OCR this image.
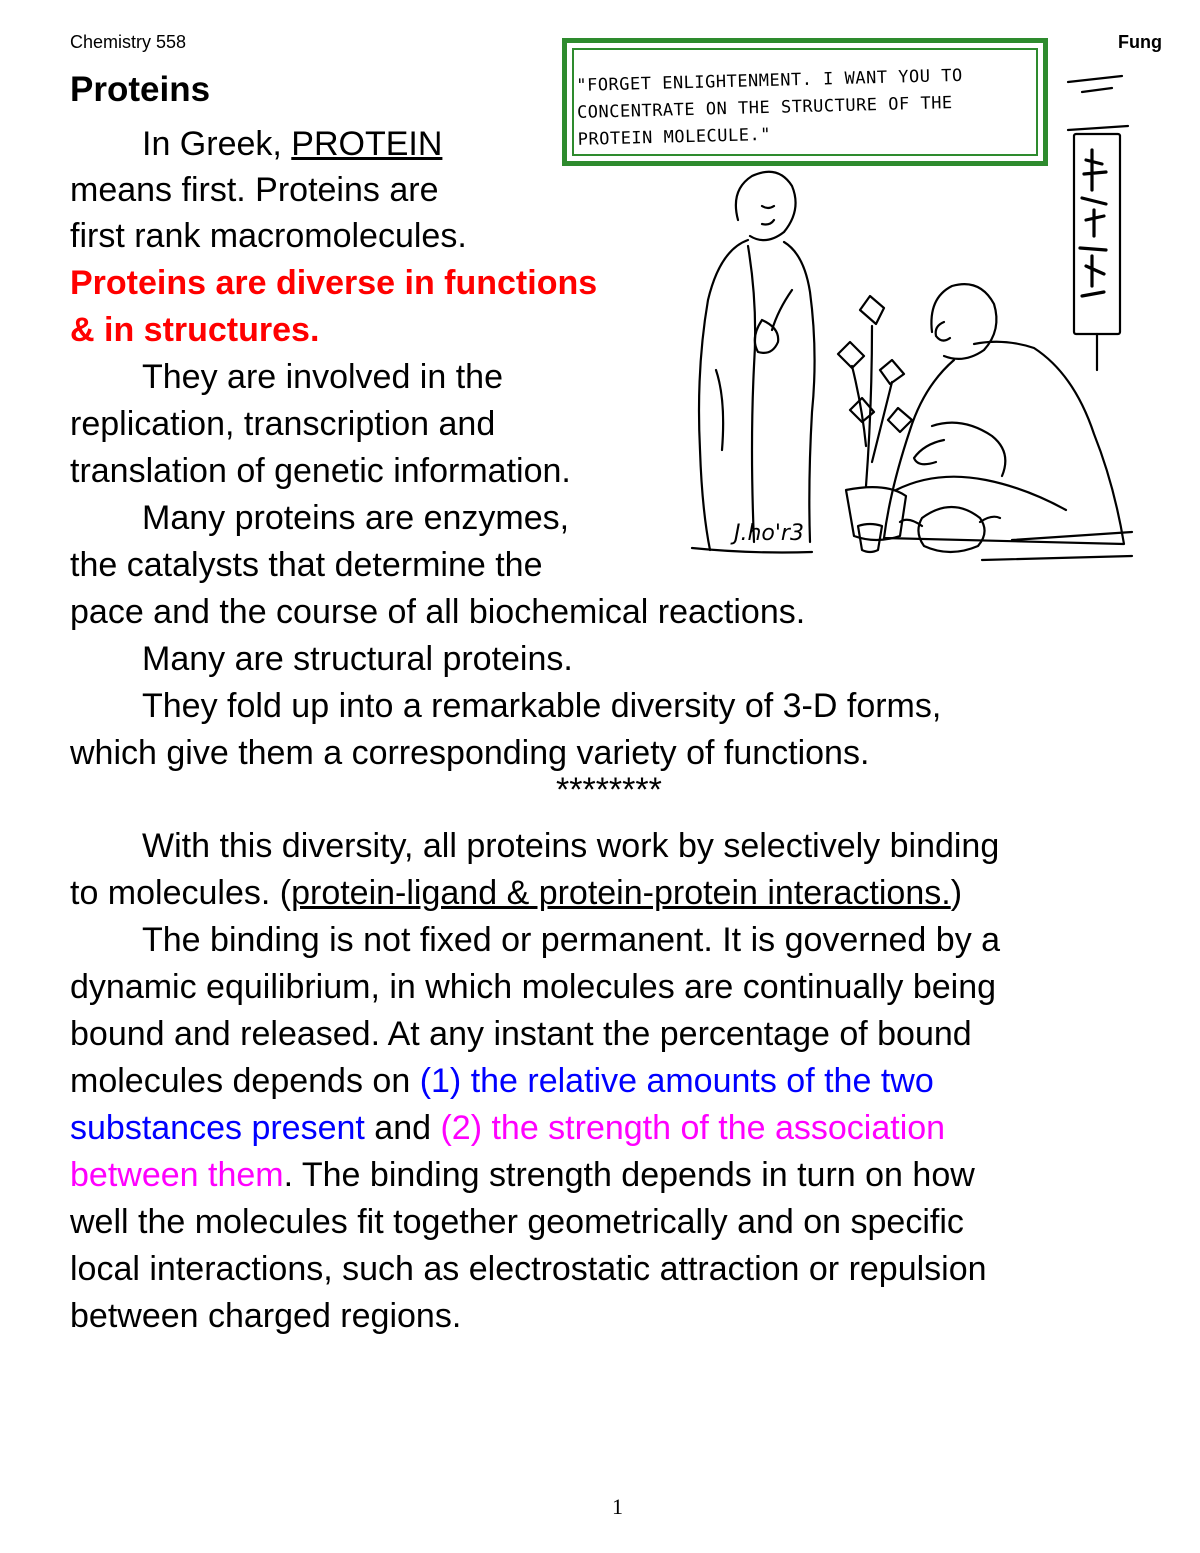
Chemistry 558	Fung
"FORGET ENLIGHTENMENT. I WANT YOU TO CONCENTRATE ON THE STRUCTURE OF THE PROTEIN MOLECULE."
J.ho'r3
Proteins
In Greek, PROTEIN
means first. Proteins are
first rank macromolecules.
Proteins are diverse in functions
& in structures.
They are involved in the
replication, transcription and
translation of genetic information.
Many proteins are enzymes,
the catalysts that determine the
pace and the course of all biochemical reactions.
Many are structural proteins.
They fold up into a remarkable diversity of 3-D forms,
which give them a corresponding variety of functions.
********
With this diversity, all proteins work by selectively binding
to molecules. (protein-ligand & protein-protein interactions.)
The binding is not fixed or permanent. It is governed by a
dynamic equilibrium, in which molecules are continually being
bound and released. At any instant the percentage of bound
molecules depends on (1) the relative amounts of the two
substances present and (2) the strength of the association
between them. The binding strength depends in turn on how
well the molecules fit together geometrically and on specific
local interactions, such as electrostatic attraction or repulsion
between charged regions.
1
